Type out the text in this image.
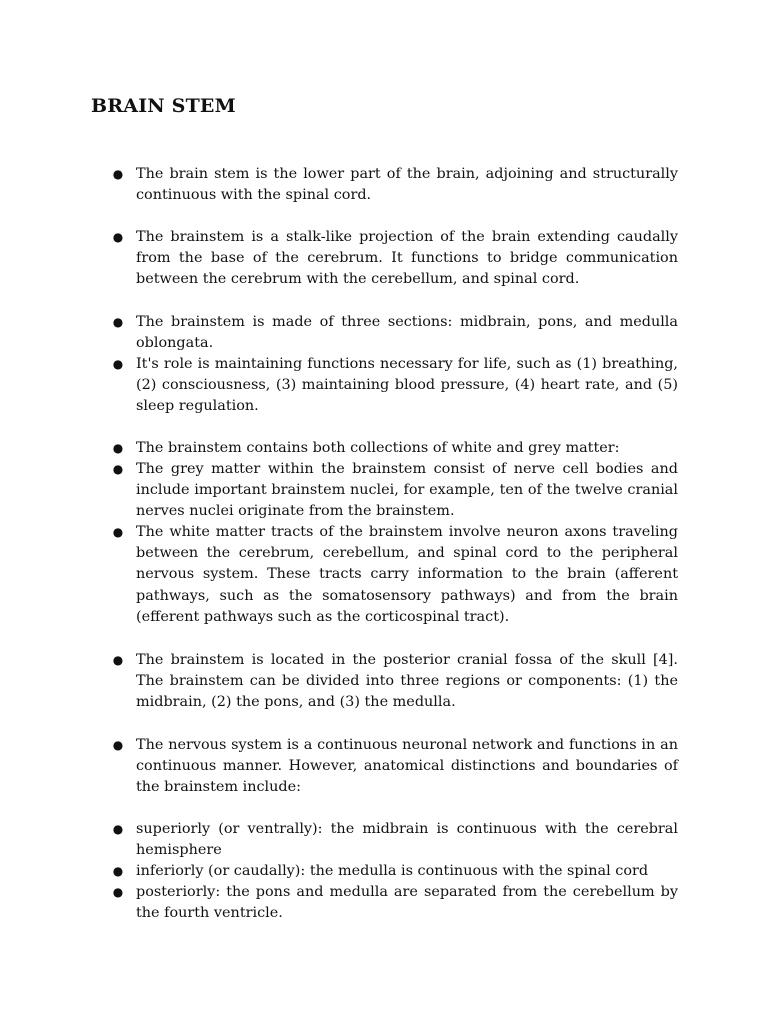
BRAIN STEM
● The brain stem is the lower part of the brain, adjoining and structurally continuous with the spinal cord.
● The brainstem is a stalk-like projection of the brain extending caudally from the base of the cerebrum. It functions to bridge communication between the cerebrum with the cerebellum, and spinal cord.
● The brainstem is made of three sections: midbrain, pons, and medulla oblongata.
● It's role is maintaining functions necessary for life, such as (1) breathing, (2) consciousness, (3) maintaining blood pressure, (4) heart rate, and (5) sleep regulation.
● The brainstem contains both collections of white and grey matter:
● The grey matter within the brainstem consist of nerve cell bodies and include important brainstem nuclei, for example, ten of the twelve cranial nerves nuclei originate from the brainstem.
● The white matter tracts of the brainstem involve neuron axons traveling between the cerebrum, cerebellum, and spinal cord to the peripheral nervous system. These tracts carry information to the brain (afferent pathways, such as the somatosensory pathways) and from the brain (efferent pathways such as the corticospinal tract).
● The brainstem is located in the posterior cranial fossa of the skull [4]. The brainstem can be divided into three regions or components: (1) the midbrain, (2) the pons, and (3) the medulla.
● The nervous system is a continuous neuronal network and functions in an continuous manner. However, anatomical distinctions and boundaries of the brainstem include:
● superiorly (or ventrally): the midbrain is continuous with the cerebral hemisphere
● inferiorly (or caudally): the medulla is continuous with the spinal cord
● posteriorly: the pons and medulla are separated from the cerebellum by the fourth ventricle.
